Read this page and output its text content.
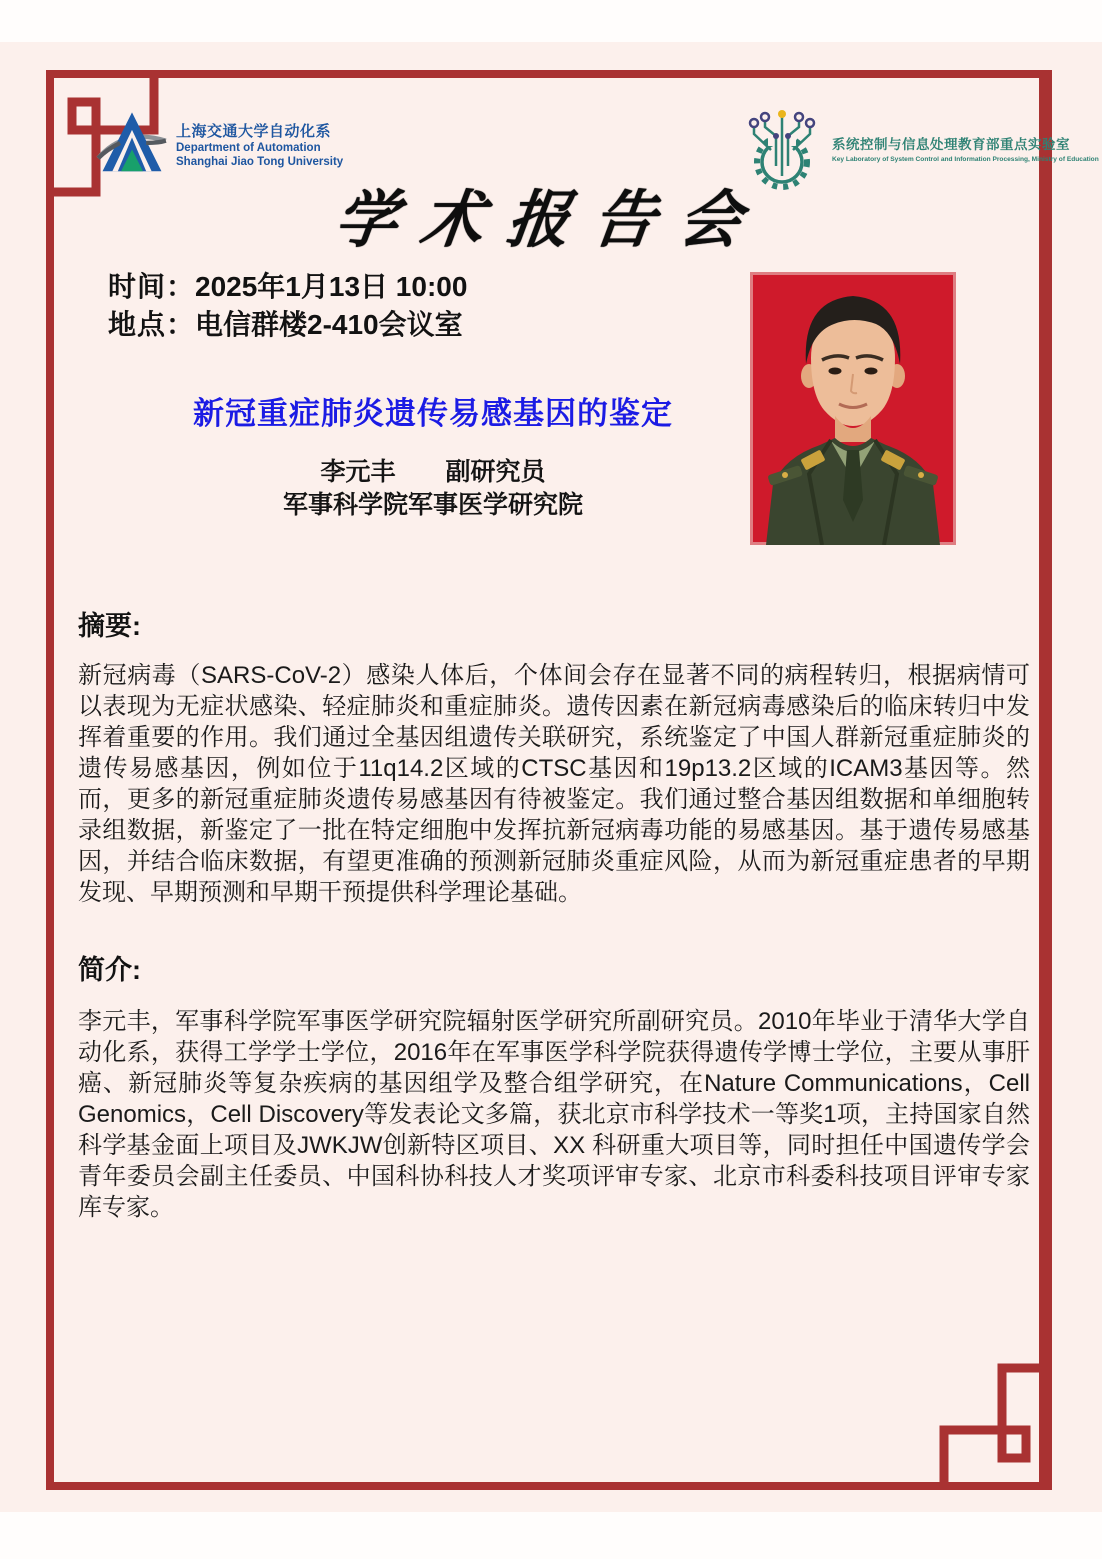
上海交通大学自动化系
Department of Automation
Shanghai Jiao Tong University
系统控制与信息处理教育部重点实验室
Key Laboratory of System Control and Information Processing, Ministry of Education
学术报告会
时间：2025年1月13日 10:00
地点：电信群楼2-410会议室
新冠重症肺炎遗传易感基因的鉴定
李元丰　　副研究员
军事科学院军事医学研究院
摘要:
新冠病毒（SARS-CoV-2）感染人体后，个体间会存在显著不同的病程转归，根据病情可以表现为无症状感染、轻症肺炎和重症肺炎。遗传因素在新冠病毒感染后的临床转归中发挥着重要的作用。我们通过全基因组遗传关联研究，系统鉴定了中国人群新冠重症肺炎的遗传易感基因，例如位于11q14.2区域的CTSC基因和19p13.2区域的ICAM3基因等。然而，更多的新冠重症肺炎遗传易感基因有待被鉴定。我们通过整合基因组数据和单细胞转录组数据，新鉴定了一批在特定细胞中发挥抗新冠病毒功能的易感基因。基于遗传易感基因，并结合临床数据，有望更准确的预测新冠肺炎重症风险，从而为新冠重症患者的早期发现、早期预测和早期干预提供科学理论基础。
简介:
李元丰，军事科学院军事医学研究院辐射医学研究所副研究员。2010年毕业于清华大学自动化系，获得工学学士学位，2016年在军事医学科学院获得遗传学博士学位，主要从事肝癌、新冠肺炎等复杂疾病的基因组学及整合组学研究，在Nature Communications，Cell Genomics，Cell Discovery等发表论文多篇，获北京市科学技术一等奖1项，主持国家自然科学基金面上项目及JWKJW创新特区项目、XX 科研重大项目等，同时担任中国遗传学会青年委员会副主任委员、中国科协科技人才奖项评审专家、北京市科委科技项目评审专家库专家。
